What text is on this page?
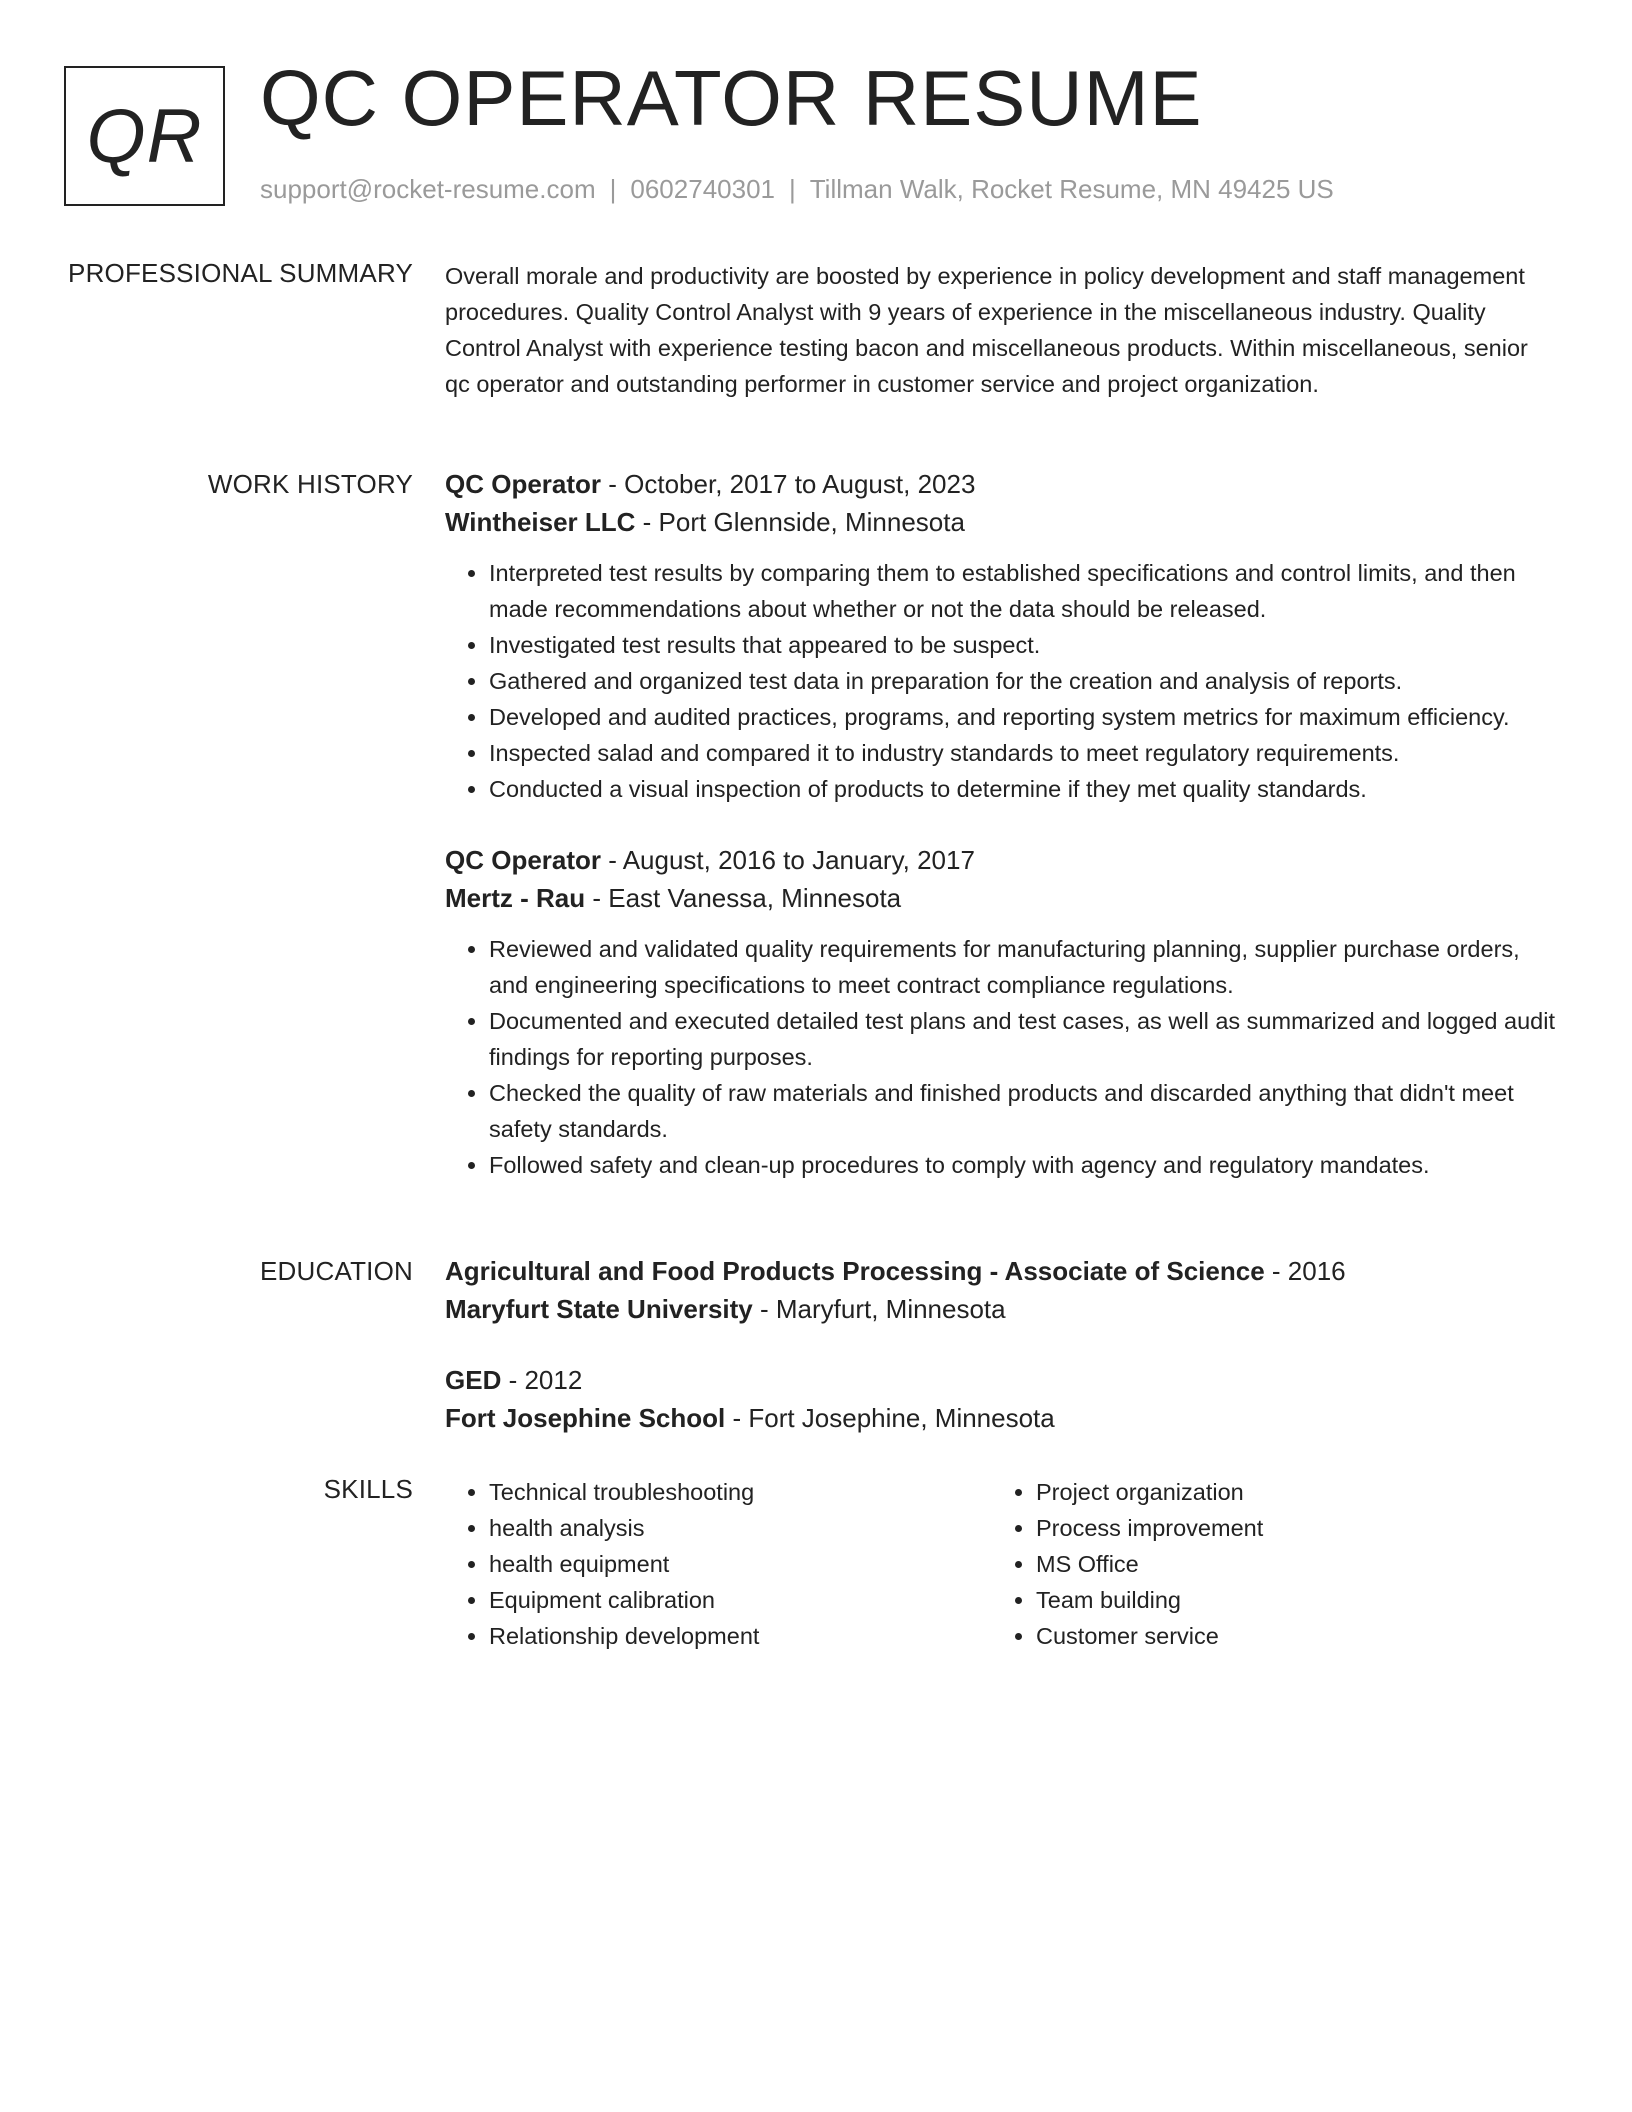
QR QC OPERATOR RESUME
support@rocket-resume.com | 0602740301 | Tillman Walk, Rocket Resume, MN 49425 US
PROFESSIONAL SUMMARY Overall morale and productivity are boosted by experience in policy development and staff management procedures. Quality Control Analyst with 9 years of experience in the miscellaneous industry. Quality Control Analyst with experience testing bacon and miscellaneous products. Within miscellaneous, senior qc operator and outstanding performer in customer service and project organization.

WORK HISTORY QC Operator - October, 2017 to August, 2023
Wintheiser LLC - Port Glennside, Minnesota
• Interpreted test results by comparing them to established specifications and control limits, and then made recommendations about whether or not the data should be released.
• Investigated test results that appeared to be suspect.
• Gathered and organized test data in preparation for the creation and analysis of reports.
• Developed and audited practices, programs, and reporting system metrics for maximum efficiency.
• Inspected salad and compared it to industry standards to meet regulatory requirements.
• Conducted a visual inspection of products to determine if they met quality standards.
QC Operator - August, 2016 to January, 2017
Mertz - Rau - East Vanessa, Minnesota
• Reviewed and validated quality requirements for manufacturing planning, supplier purchase orders, and engineering specifications to meet contract compliance regulations.
• Documented and executed detailed test plans and test cases, as well as summarized and logged audit findings for reporting purposes.
• Checked the quality of raw materials and finished products and discarded anything that didn't meet safety standards.
• Followed safety and clean-up procedures to comply with agency and regulatory mandates.
EDUCATION Agricultural and Food Products Processing - Associate of Science - 2016
Maryfurt State University - Maryfurt, Minnesota
GED - 2012
Fort Josephine School - Fort Josephine, Minnesota
SKILLS
•	Technical troubleshooting
• health analysis
• health equipment
• Equipment calibration
• Relationship development
• Project organization
• Process improvement
• MS Office
• Team building
• Customer service
